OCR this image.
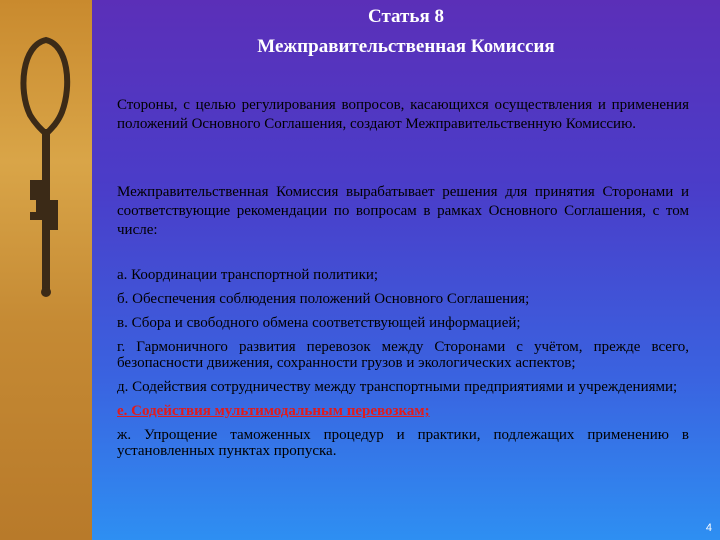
Статья 8
Межправительственная Комиссия

Стороны, с целью регулирования вопросов, касающихся осуществления и применения положений Основного Соглашения, создают Межправительственную Комиссию.

Межправительственная Комиссия вырабатывает решения для принятия Сторонами и соответствующие рекомендации по вопросам в рамках Основного Соглашения, с том числе:

а. Координации транспортной политики;
б. Обеспечения соблюдения положений Основного Соглашения;
в. Сбора и свободного обмена соответствующей информацией;
г. Гармоничного развития перевозок между Сторонами с учётом, прежде всего, безопасности движения, сохранности грузов и экологических аспектов;
д. Содействия сотрудничеству между транспортными предприятиями и учреждениями;
е. Содействия мультимодальным перевозкам;
ж. Упрощение таможенных процедур и практики, подлежащих применению в установленных пунктах пропуска.
4
